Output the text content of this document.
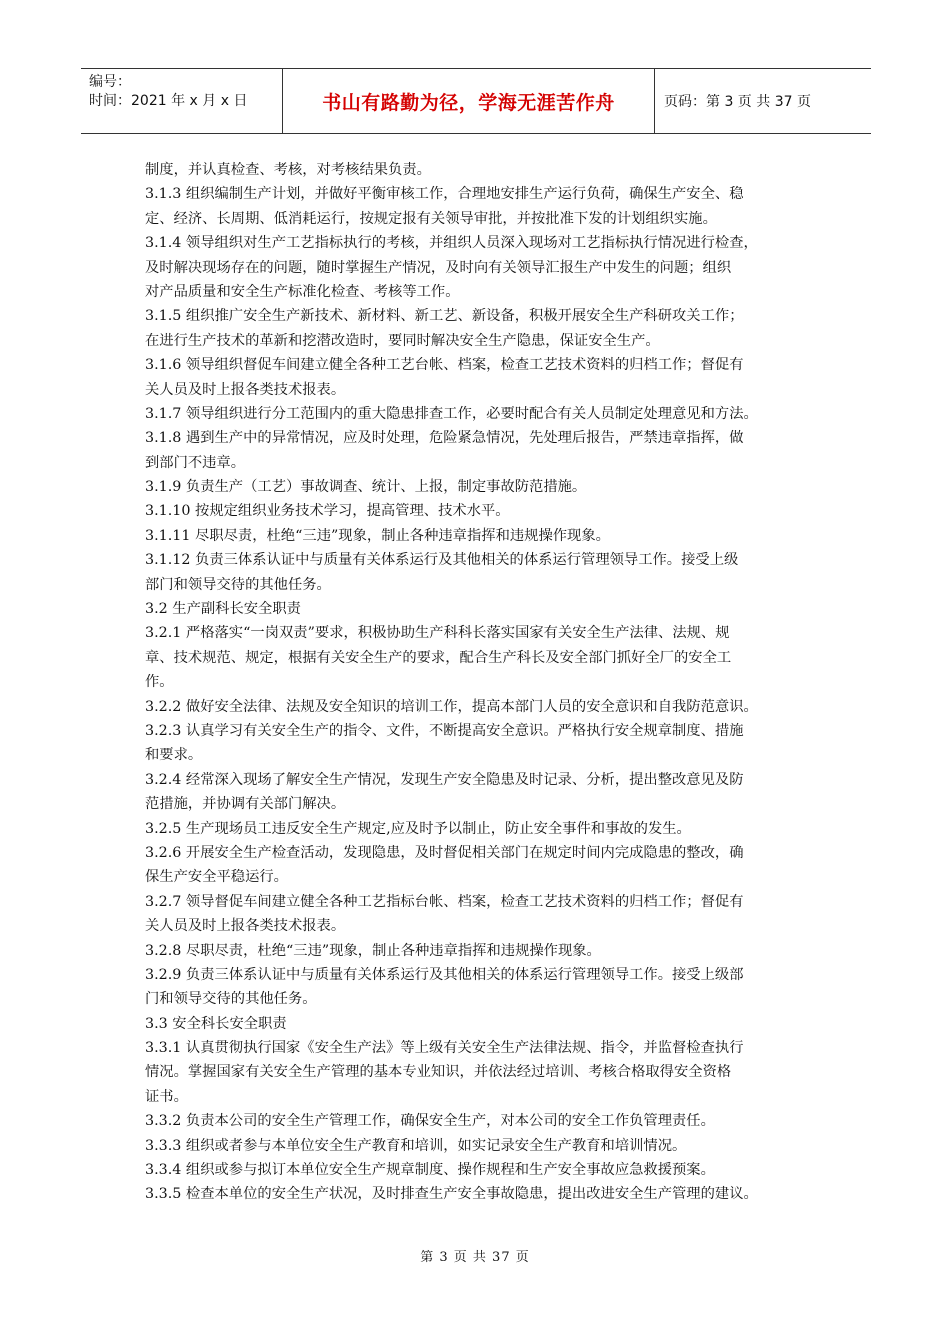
编号：
时间：2021 年 x 月 x 日	书山有路勤为径，学海无涯苦作舟	页码：第 3 页 共 37 页
制度，并认真检查、考核，对考核结果负责。
3.1.3 组织编制生产计划，并做好平衡审核工作，合理地安排生产运行负荷，确保生产安全、稳
定、经济、长周期、低消耗运行，按规定报有关领导审批，并按批准下发的计划组织实施。
3.1.4 领导组织对生产工艺指标执行的考核，并组织人员深入现场对工艺指标执行情况进行检查，
及时解决现场存在的问题，随时掌握生产情况，及时向有关领导汇报生产中发生的问题；组织
对产品质量和安全生产标准化检查、考核等工作。
3.1.5 组织推广安全生产新技术、新材料、新工艺、新设备，积极开展安全生产科研攻关工作；
在进行生产技术的革新和挖潜改造时，要同时解决安全生产隐患，保证安全生产。
3.1.6 领导组织督促车间建立健全各种工艺台帐、档案，检查工艺技术资料的归档工作；督促有
关人员及时上报各类技术报表。
3.1.7 领导组织进行分工范围内的重大隐患排查工作，必要时配合有关人员制定处理意见和方法。
3.1.8 遇到生产中的异常情况，应及时处理，危险紧急情况，先处理后报告，严禁违章指挥，做
到部门不违章。
3.1.9 负责生产（工艺）事故调查、统计、上报，制定事故防范措施。
3.1.10 按规定组织业务技术学习，提高管理、技术水平。
3.1.11 尽职尽责，杜绝“三违”现象，制止各种违章指挥和违规操作现象。
3.1.12 负责三体系认证中与质量有关体系运行及其他相关的体系运行管理领导工作。接受上级
部门和领导交待的其他任务。
3.2 生产副科长安全职责
3.2.1 严格落实“一岗双责”要求，积极协助生产科科长落实国家有关安全生产法律、法规、规
章、技术规范、规定，根据有关安全生产的要求，配合生产科长及安全部门抓好全厂的安全工
作。
3.2.2 做好安全法律、法规及安全知识的培训工作，提高本部门人员的安全意识和自我防范意识。
3.2.3 认真学习有关安全生产的指令、文件，不断提高安全意识。严格执行安全规章制度、措施
和要求。
3.2.4 经常深入现场了解安全生产情况，发现生产安全隐患及时记录、分析，提出整改意见及防
范措施，并协调有关部门解决。
3.2.5 生产现场员工违反安全生产规定,应及时予以制止，防止安全事件和事故的发生。
3.2.6 开展安全生产检查活动，发现隐患，及时督促相关部门在规定时间内完成隐患的整改，确
保生产安全平稳运行。
3.2.7 领导督促车间建立健全各种工艺指标台帐、档案，检查工艺技术资料的归档工作；督促有
关人员及时上报各类技术报表。
3.2.8 尽职尽责，杜绝“三违”现象，制止各种违章指挥和违规操作现象。
3.2.9 负责三体系认证中与质量有关体系运行及其他相关的体系运行管理领导工作。接受上级部
门和领导交待的其他任务。
3.3 安全科长安全职责
3.3.1 认真贯彻执行国家《安全生产法》等上级有关安全生产法律法规、指令，并监督检查执行
情况。掌握国家有关安全生产管理的基本专业知识，并依法经过培训、考核合格取得安全资格
证书。
3.3.2 负责本公司的安全生产管理工作，确保安全生产，对本公司的安全工作负管理责任。
3.3.3 组织或者参与本单位安全生产教育和培训，如实记录安全生产教育和培训情况。
3.3.4 组织或参与拟订本单位安全生产规章制度、操作规程和生产安全事故应急救援预案。
3.3.5 检查本单位的安全生产状况，及时排查生产安全事故隐患，提出改进安全生产管理的建议。
第 3 页 共 37 页
